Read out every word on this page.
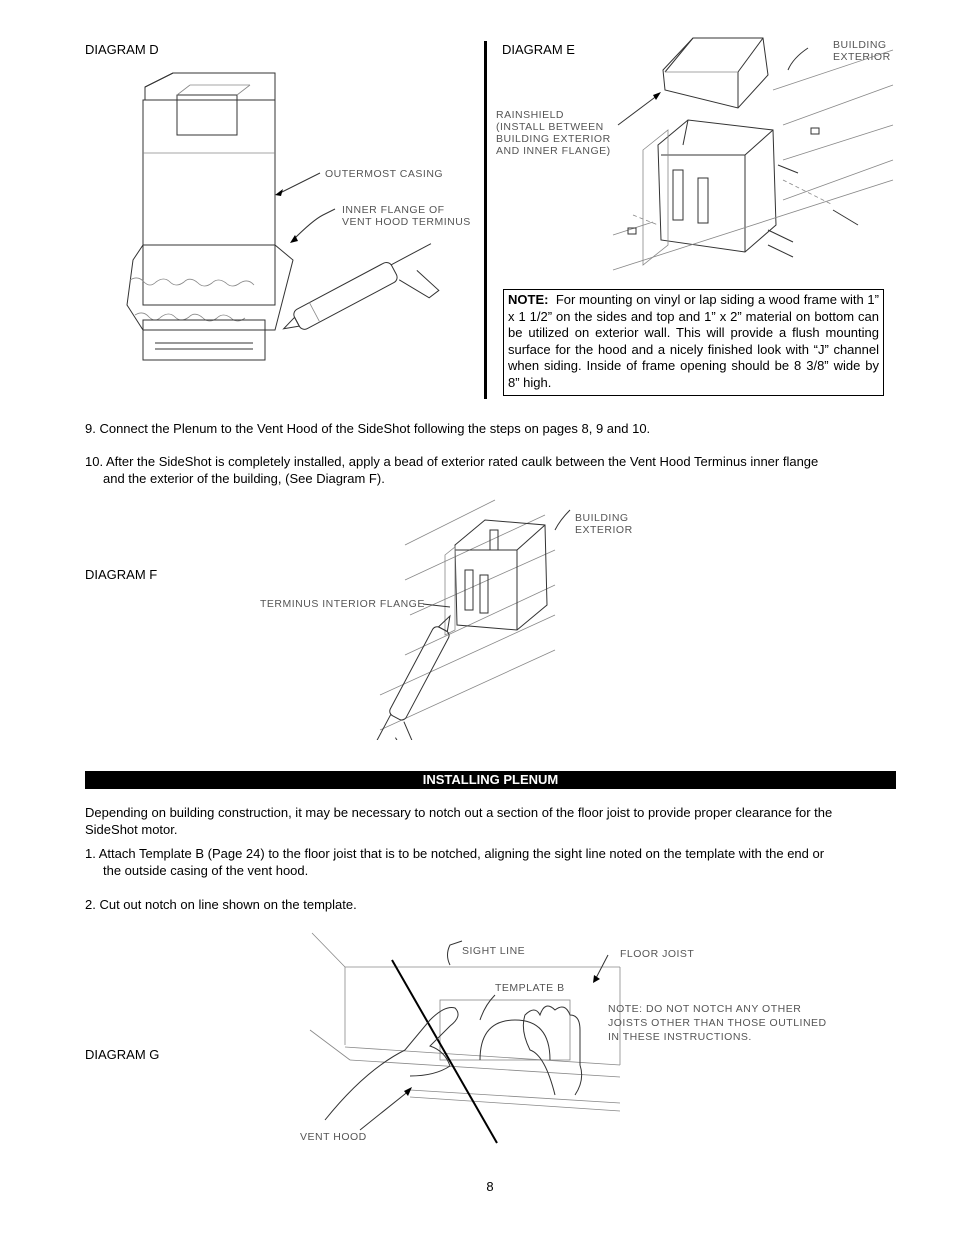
DIAGRAM D	DIAGRAM E
OUTERMOST CASING
INNER FLANGE OF
VENT HOOD TERMINUS
BUILDING
EXTERIOR
RAINSHIELD
(INSTALL BETWEEN
BUILDING EXTERIOR
AND INNER FLANGE)
NOTE: For mounting on vinyl or lap siding a wood frame with 1” x 1 1/2” on the sides and top and 1” x 2” material on bottom can be utilized on exterior wall. This will provide a flush mounting surface for the hood and a nicely finished look with “J” channel when siding. Inside of frame opening should be 8 3/8” wide by 8” high.
9. Connect the Plenum to the Vent Hood of the SideShot following the steps on pages 8, 9 and 10.
10. After the SideShot is completely installed, apply a bead of exterior rated caulk between the Vent Hood Terminus inner flange
and the exterior of the building, (See Diagram F).
DIAGRAM F
BUILDING
EXTERIOR
TERMINUS INTERIOR FLANGE
INSTALLING PLENUM
Depending on building construction, it may be necessary to notch out a section of the floor joist to provide proper clearance for the
SideShot motor.
1. Attach Template B (Page 24) to the floor joist that is to be notched, aligning the sight line noted on the template with the end or
the outside casing of the vent hood.
2. Cut out notch on line shown on the template.
DIAGRAM G
SIGHT LINE	FLOOR JOIST
TEMPLATE B
NOTE: DO NOT NOTCH ANY OTHER
JOISTS OTHER THAN THOSE OUTLINED
IN THESE INSTRUCTIONS.
VENT HOOD
8
